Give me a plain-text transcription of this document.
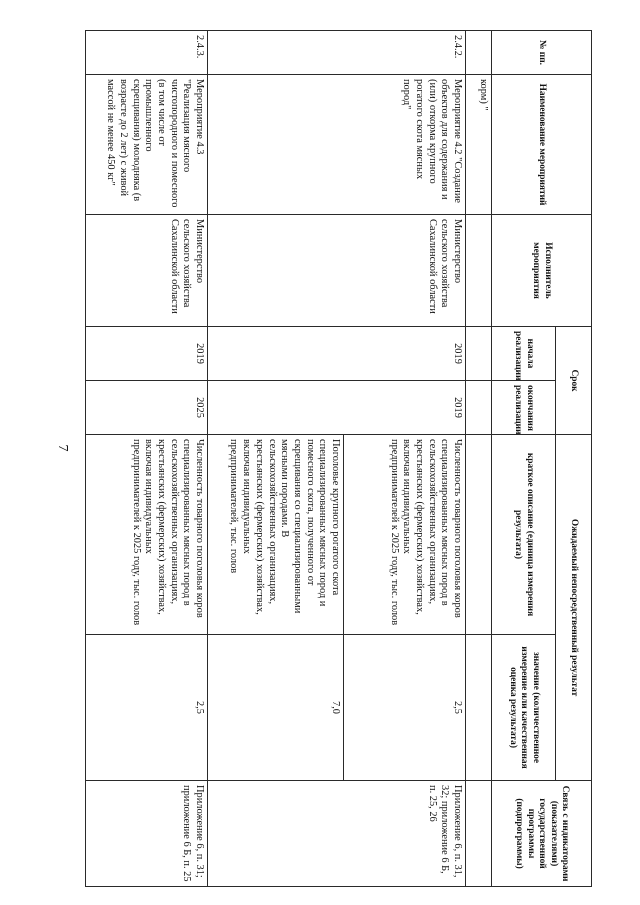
7
№ пп.	Наименование мероприятий	Исполнитель мероприятия	Срок		Ожидаемый непосредственный результат		Связь с индикаторами (показателями) государственной программы (подпрограммы)
			начала реализации	окончания реализации	краткое описание (единица измерения результата)	значение (количественное измерение или качественная оценка результата)	
	корм) "						
2.4.2.	Мероприятие 4.2 "Создание объектов для содержания и (или) откорма крупного рогатого скота мясных пород"	Министерство сельского хозяйства Сахалинской области	2019	2019	Численность товарного поголовья коров специализированных мясных пород в сельскохозяйственных организациях, крестьянских (фермерских) хозяйствах, включая индивидуальных предпринимателей к 2025 году, тыс. голов	2,5	Приложение 6, п. 31, 32; приложение 6 Б, п. 25, 26
					Поголовье крупного рогатого скота специализированных мясных пород и помесного скота, полученного от скрещивания со специализированными мясными породами. В сельскохозяйственных организациях, крестьянских (фермерских) хозяйствах, включая индивидуальных предпринимателей, тыс. голов	7,0	
2.4.3.	Мероприятие 4.3 "Реализация мясного чистопородного и помесного (в том числе от промышленного скрещивания) молодняка (в возрасте до 2 лет) с живой массой не менее 450 кг"	Министерство сельского хозяйства Сахалинской области	2019	2025	Численность товарного поголовья коров специализированных мясных пород в сельскохозяйственных организациях, крестьянских (фермерских) хозяйствах, включая индивидуальных предпринимателей к 2025 году, тыс. голов	2,5	Приложение 6, п. 31; приложение 6 Б, п. 25
